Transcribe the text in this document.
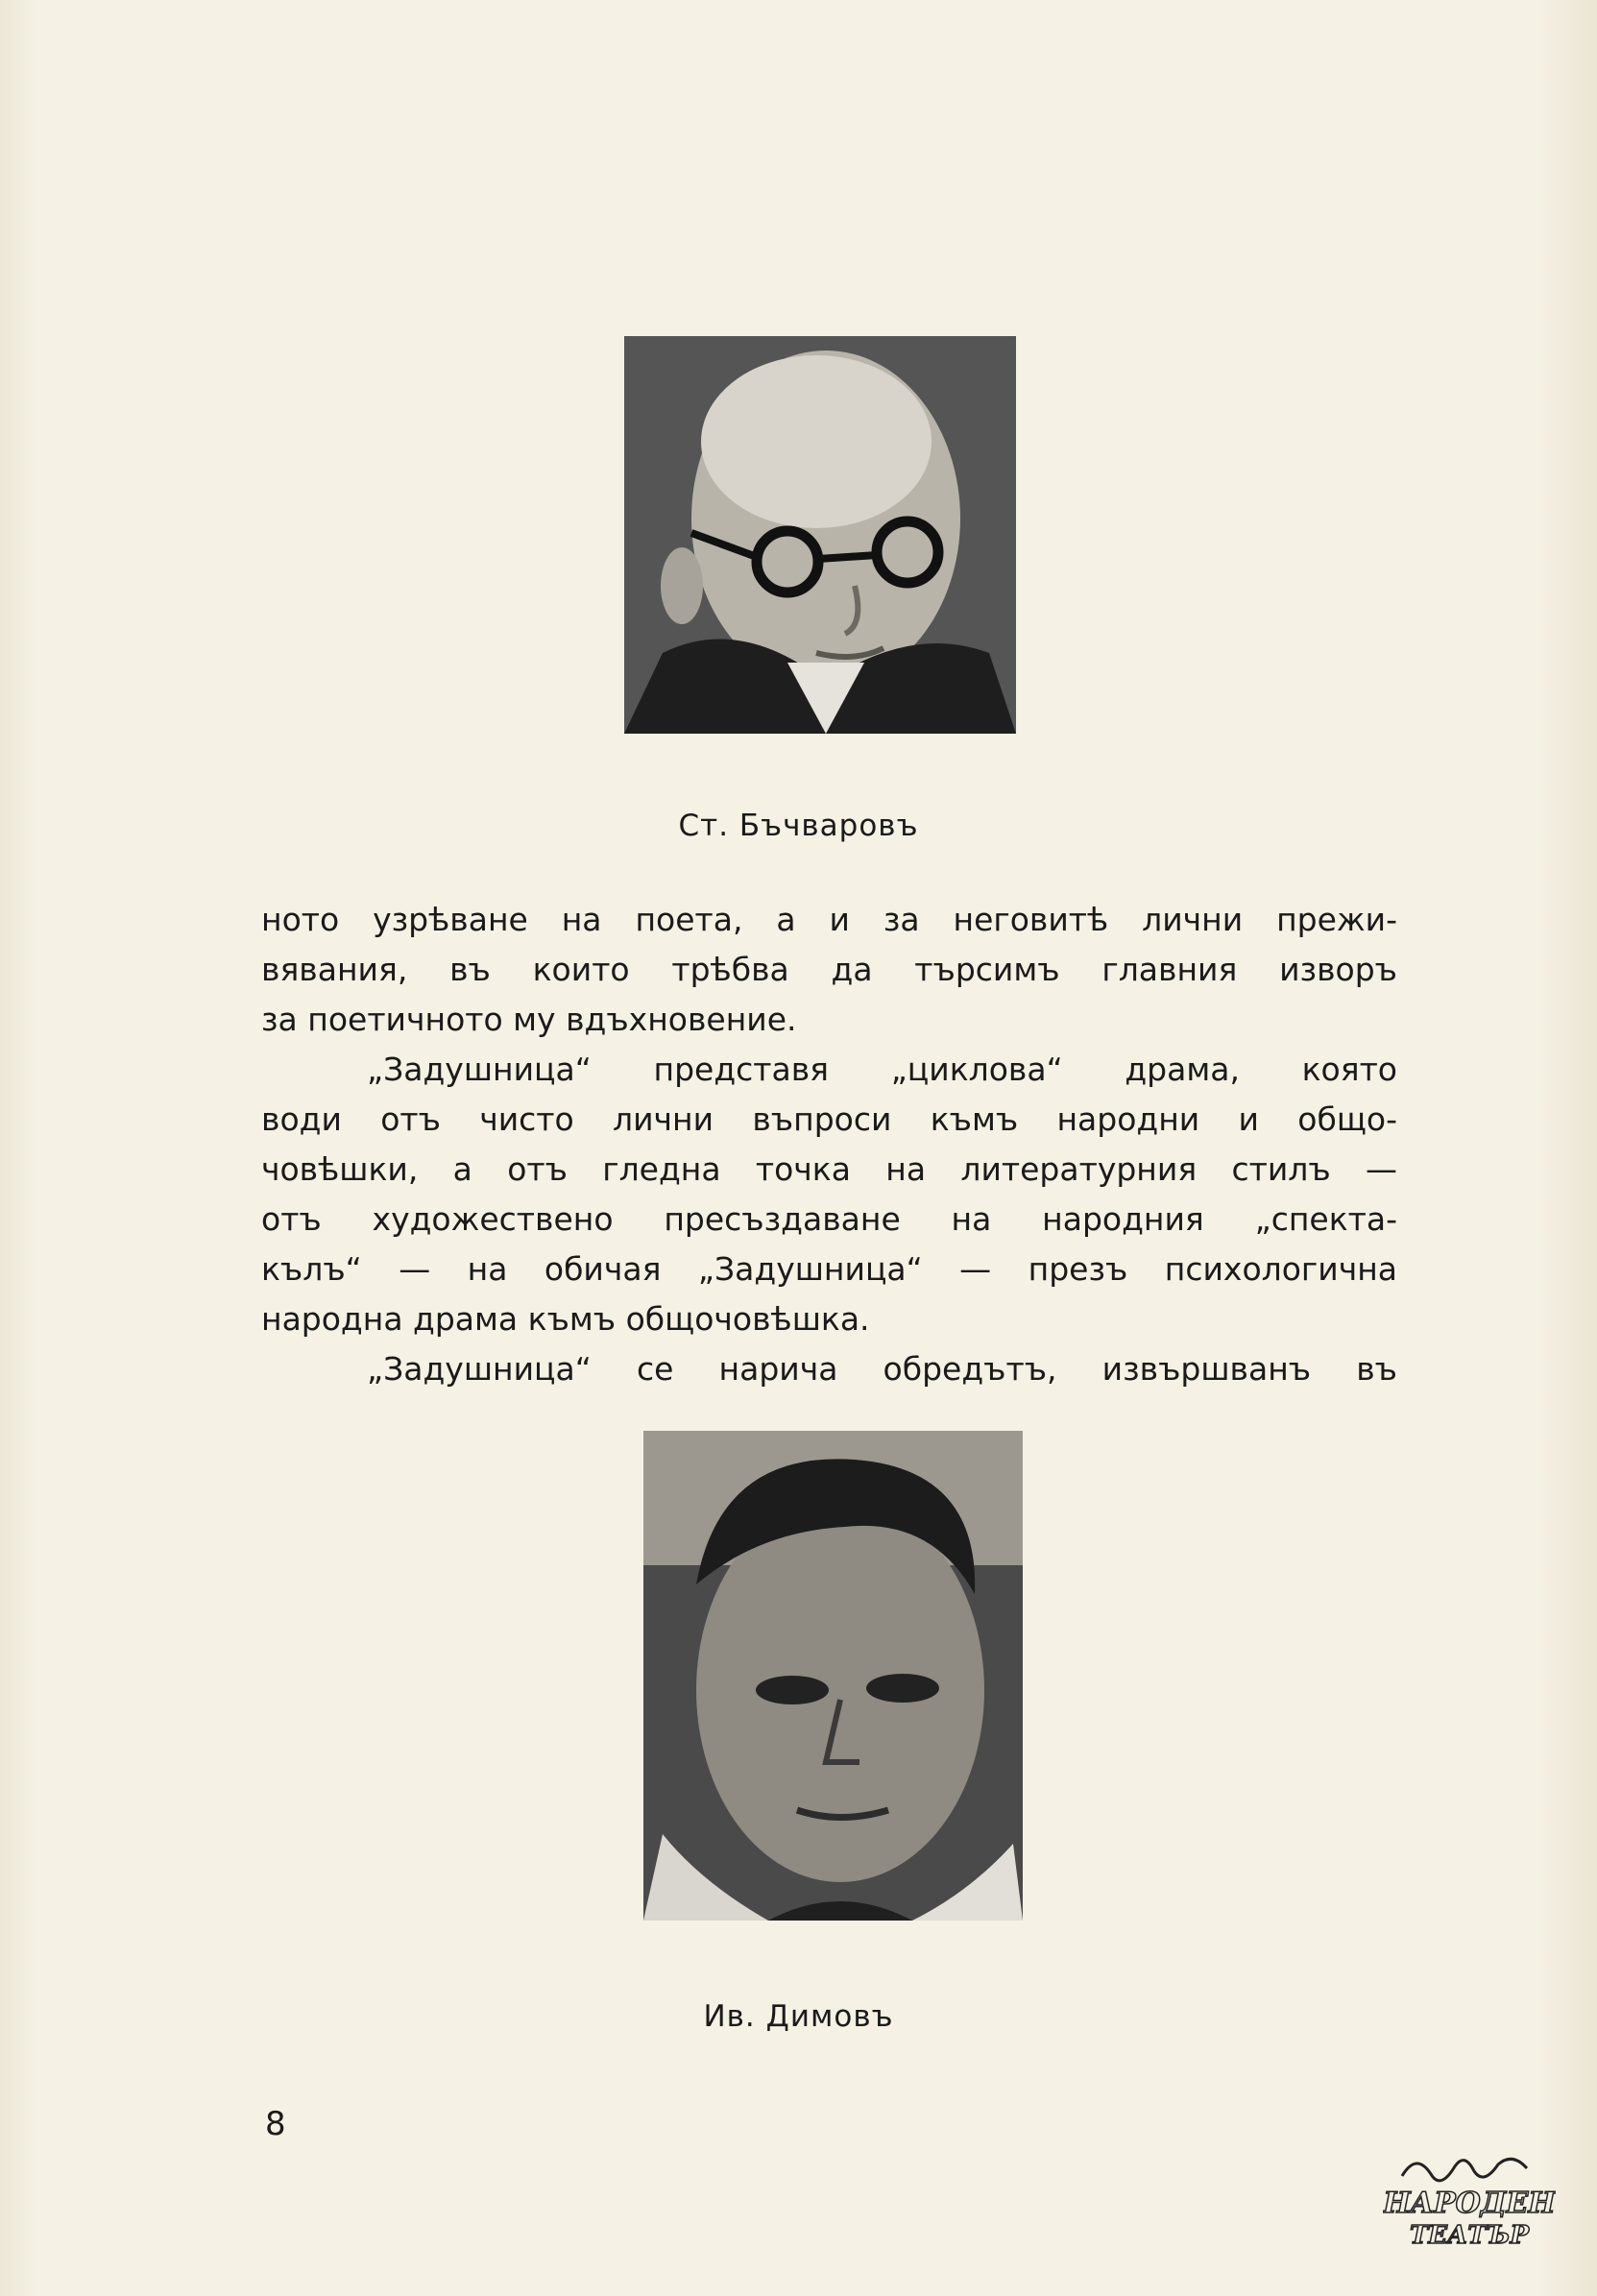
Ст. Бъчваровъ

ното узрѣване на поета, а и за неговитѣ лични прежи-
вявания, въ които трѣбва да търсимъ главния изворъ
за поетичното му вдъхновение.

„Задушница“ представя „циклова“ драма, която
води отъ чисто лични въпроси къмъ народни и общо-
човѣшки, а отъ гледна точка на литературния стилъ —
отъ художествено пресъздаване на народния „спекта-
кълъ“ — на обичая „Задушница“ — презъ психологична
народна драма къмъ общочовѣшка.

„Задушница“ се нарича обредътъ, извършванъ въ

Ив. Димовъ
8
НАРОДЕН
ТЕАТЪР
